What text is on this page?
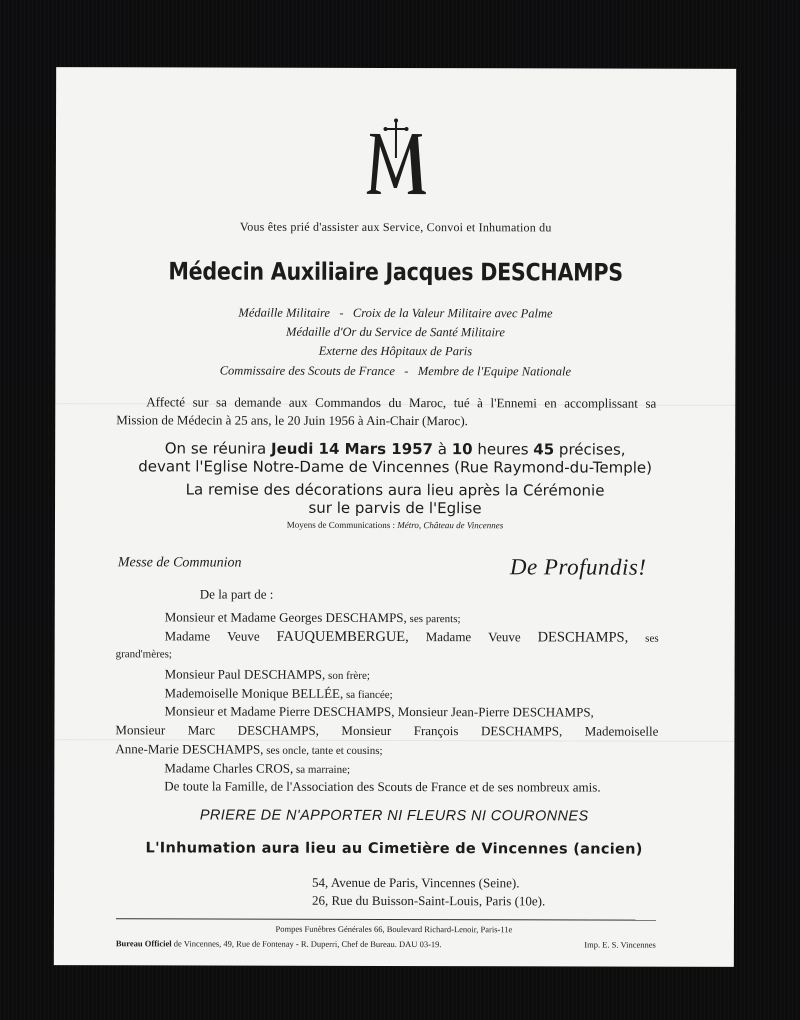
Vous êtes prié d'assister aux Service, Convoi et Inhumation du
Médecin Auxiliaire Jacques DESCHAMPS
Médaille Militaire   -   Croix de la Valeur Militaire avec Palme
Médaille d'Or du Service de Santé Militaire
Externe des Hôpitaux de Paris
Commissaire des Scouts de France   -   Membre de l'Equipe Nationale
Affecté sur sa demande aux Commandos du Maroc, tué à l'Ennemi en accomplissant sa
Mission de Médecin à 25 ans, le 20 Juin 1956 à Ain-Chair (Maroc).
On se réunira Jeudi 14 Mars 1957 à 10 heures 45 précises,
devant l'Eglise Notre-Dame de Vincennes (Rue Raymond-du-Temple)
La remise des décorations aura lieu après la Cérémonie
sur le parvis de l'Eglise
Moyens de Communications : Métro, Château de Vincennes
Messe de Communion	De Profundis!
De la part de :
Monsieur et Madame Georges DESCHAMPS, ses parents;
Madame Veuve FAUQUEMBERGUE, Madame Veuve DESCHAMPS, ses
grand'mères;
Monsieur Paul DESCHAMPS, son frère;
Mademoiselle Monique BELLÉE, sa fiancée;
Monsieur et Madame Pierre DESCHAMPS, Monsieur Jean-Pierre DESCHAMPS,
Monsieur Marc DESCHAMPS, Monsieur François DESCHAMPS, Mademoiselle
Anne-Marie DESCHAMPS, ses oncle, tante et cousins;
Madame Charles CROS, sa marraine;
De toute la Famille, de l'Association des Scouts de France et de ses nombreux amis.
PRIERE DE N'APPORTER NI FLEURS NI COURONNES
L'Inhumation aura lieu au Cimetière de Vincennes (ancien)
54, Avenue de Paris, Vincennes (Seine).
26, Rue du Buisson-Saint-Louis, Paris (10e).
Pompes Funèbres Générales 66, Boulevard Richard-Lenoir, Paris-11e
Bureau Officiel de Vincennes, 49, Rue de Fontenay - R. Duperri, Chef de Bureau. DAU 03-19.	Imp. E. S. Vincennes
